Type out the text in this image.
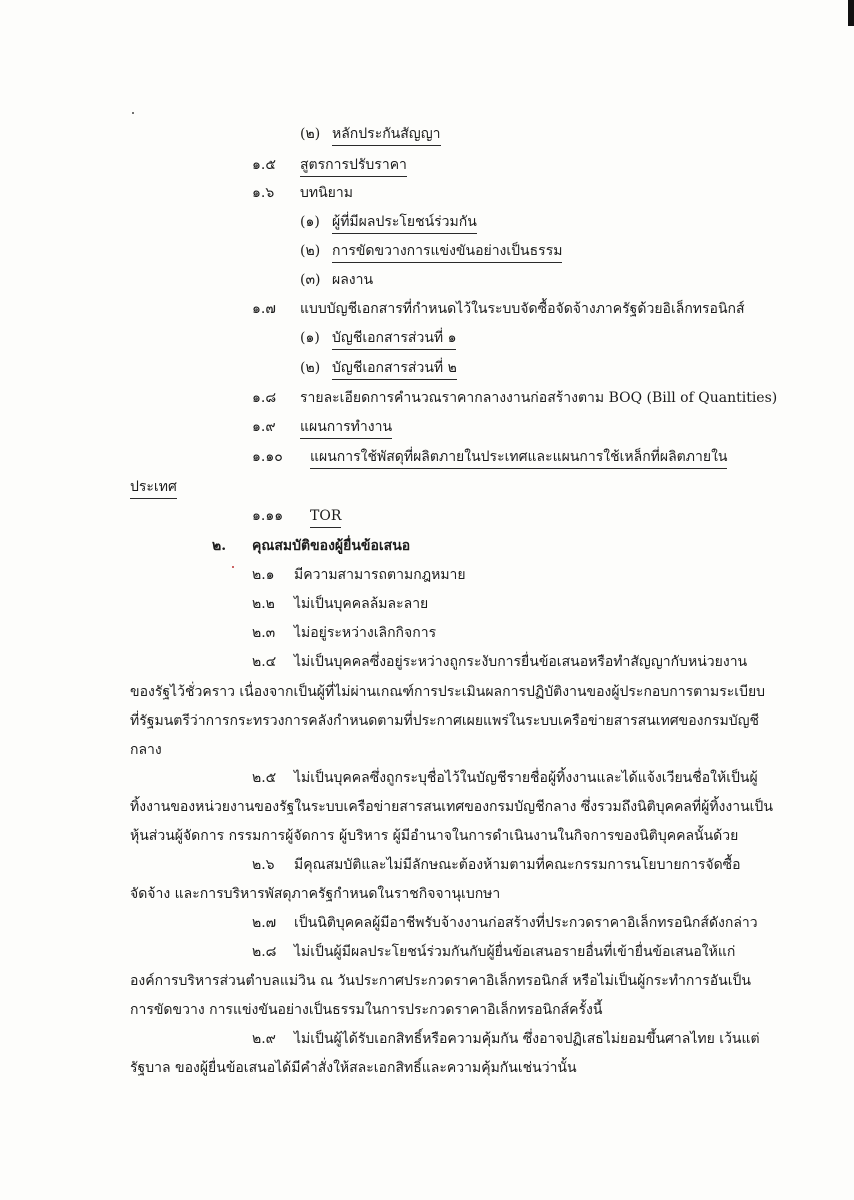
(๒) หลักประกันสัญญา
๑.๕ สูตรการปรับราคา
๑.๖ บทนิยาม
(๑) ผู้ที่มีผลประโยชน์ร่วมกัน
(๒) การขัดขวางการแข่งขันอย่างเป็นธรรม
(๓) ผลงาน
๑.๗ แบบบัญชีเอกสารที่กำหนดไว้ในระบบจัดซื้อจัดจ้างภาครัฐด้วยอิเล็กทรอนิกส์
(๑) บัญชีเอกสารส่วนที่ ๑
(๒) บัญชีเอกสารส่วนที่ ๒
๑.๘ รายละเอียดการคำนวณราคากลางงานก่อสร้างตาม BOQ (Bill of Quantities)
๑.๙ แผนการทำงาน
๑.๑๐ แผนการใช้พัสดุที่ผลิตภายในประเทศและแผนการใช้เหล็กที่ผลิตภายใน
ประเทศ
๑.๑๑ TOR
๒. คุณสมบัติของผู้ยื่นข้อเสนอ
๒.๑ มีความสามารถตามกฎหมาย
๒.๒ ไม่เป็นบุคคลล้มละลาย
๒.๓ ไม่อยู่ระหว่างเลิกกิจการ
๒.๔ ไม่เป็นบุคคลซึ่งอยู่ระหว่างถูกระงับการยื่นข้อเสนอหรือทำสัญญากับหน่วยงาน
ของรัฐไว้ชั่วคราว เนื่องจากเป็นผู้ที่ไม่ผ่านเกณฑ์การประเมินผลการปฏิบัติงานของผู้ประกอบการตามระเบียบ
ที่รัฐมนตรีว่าการกระทรวงการคลังกำหนดตามที่ประกาศเผยแพร่ในระบบเครือข่ายสารสนเทศของกรมบัญชี
กลาง
๒.๕ ไม่เป็นบุคคลซึ่งถูกระบุชื่อไว้ในบัญชีรายชื่อผู้ทิ้งงานและได้แจ้งเวียนชื่อให้เป็นผู้
ทิ้งงานของหน่วยงานของรัฐในระบบเครือข่ายสารสนเทศของกรมบัญชีกลาง ซึ่งรวมถึงนิติบุคคลที่ผู้ทิ้งงานเป็น
หุ้นส่วนผู้จัดการ กรรมการผู้จัดการ ผู้บริหาร ผู้มีอำนาจในการดำเนินงานในกิจการของนิติบุคคลนั้นด้วย
๒.๖ มีคุณสมบัติและไม่มีลักษณะต้องห้ามตามที่คณะกรรมการนโยบายการจัดซื้อ
จัดจ้าง และการบริหารพัสดุภาครัฐกำหนดในราชกิจจานุเบกษา
๒.๗ เป็นนิติบุคคลผู้มีอาชีพรับจ้างงานก่อสร้างที่ประกวดราคาอิเล็กทรอนิกส์ดังกล่าว
๒.๘ ไม่เป็นผู้มีผลประโยชน์ร่วมกันกับผู้ยื่นข้อเสนอรายอื่นที่เข้ายื่นข้อเสนอให้แก่
องค์การบริหารส่วนตำบลแม่วิน ณ วันประกาศประกวดราคาอิเล็กทรอนิกส์ หรือไม่เป็นผู้กระทำการอันเป็น
การขัดขวาง การแข่งขันอย่างเป็นธรรมในการประกวดราคาอิเล็กทรอนิกส์ครั้งนี้
๒.๙ ไม่เป็นผู้ได้รับเอกสิทธิ์หรือความคุ้มกัน ซึ่งอาจปฏิเสธไม่ยอมขึ้นศาลไทย เว้นแต่
รัฐบาล ของผู้ยื่นข้อเสนอได้มีคำสั่งให้สละเอกสิทธิ์และความคุ้มกันเช่นว่านั้น
